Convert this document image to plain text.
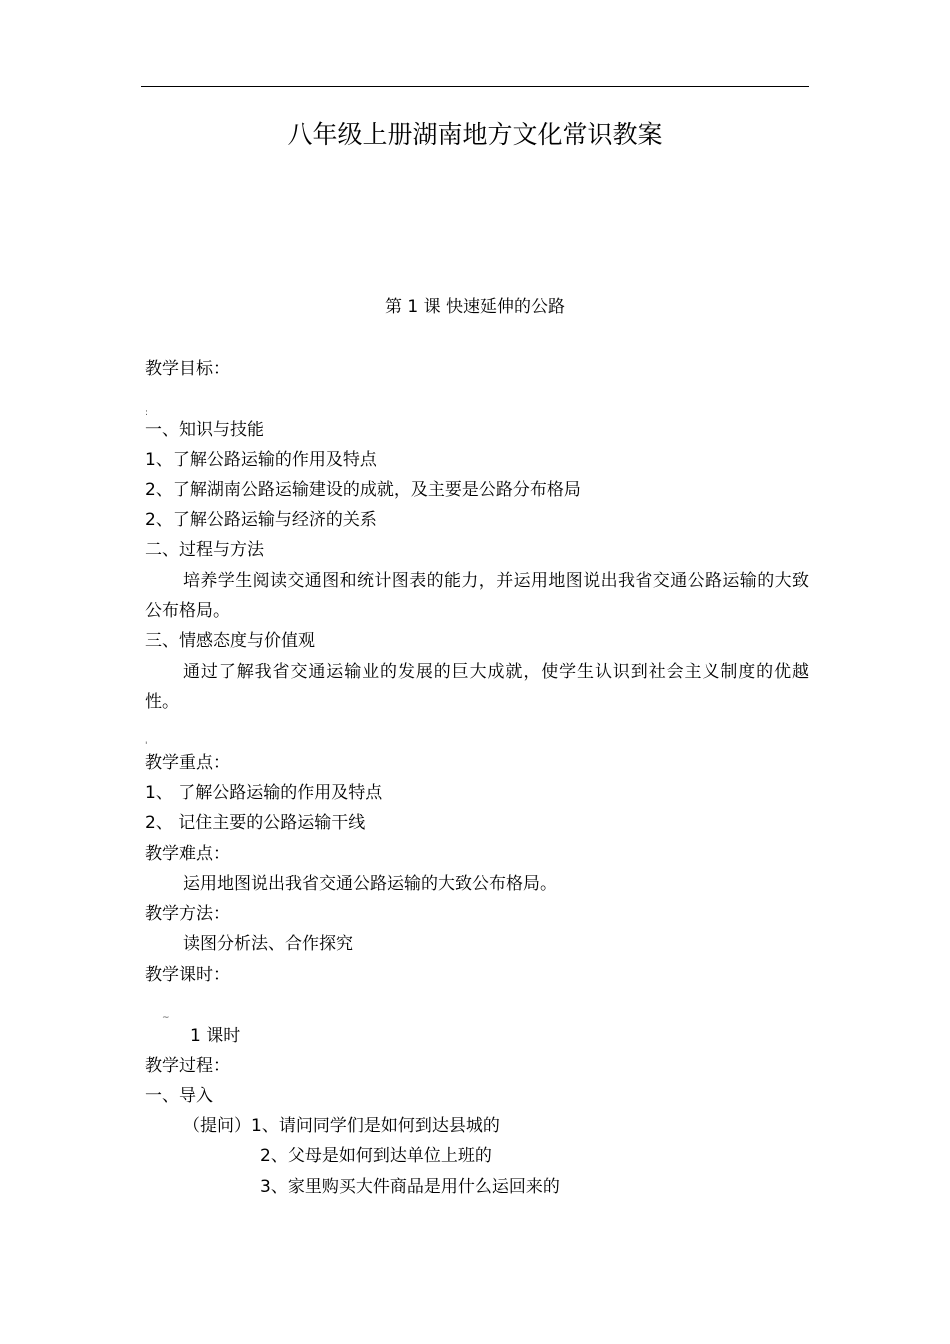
八年级上册湖南地方文化常识教案
第 1 课 快速延伸的公路
教学目标：
:
一、知识与技能
1、了解公路运输的作用及特点
2、了解湖南公路运输建设的成就，及主要是公路分布格局
2、了解公路运输与经济的关系
二、过程与方法
培养学生阅读交通图和统计图表的能力，并运用地图说出我省交通公路运输的大致公布格局。
三、情感态度与价值观
通过了解我省交通运输业的发展的巨大成就，使学生认识到社会主义制度的优越性。
'
教学重点：
1、 了解公路运输的作用及特点
2、 记住主要的公路运输干线
教学难点：
运用地图说出我省交通公路运输的大致公布格局。
教学方法：
读图分析法、合作探究
教学课时：
~
1 课时
教学过程：
一、导入
（提问）1、请问同学们是如何到达县城的
2、父母是如何到达单位上班的
3、家里购买大件商品是用什么运回来的
